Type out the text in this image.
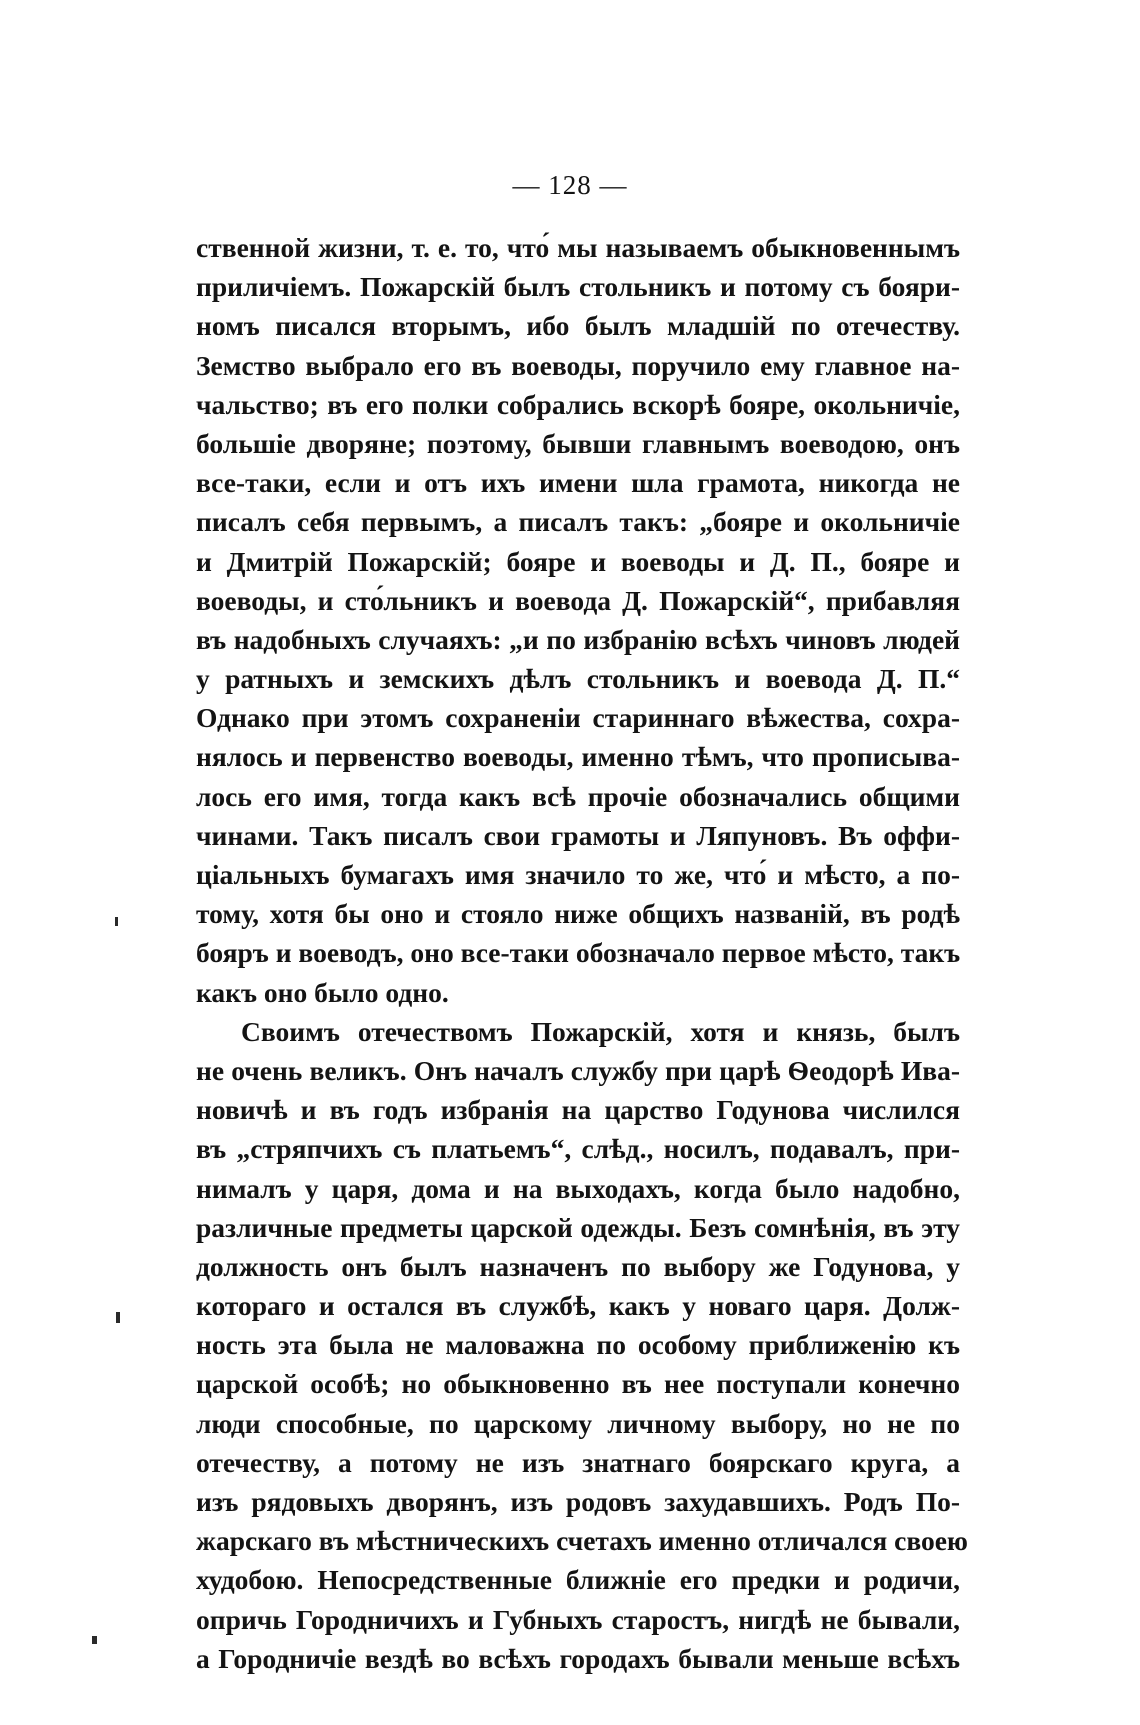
— 128 —
ственной жизни, т. е. то, что́ мы называемъ обыкновеннымъ
приличіемъ. Пожарскій былъ стольникъ и потому съ бояри-
номъ писался вторымъ, ибо былъ младшій по отечеству.
Земство выбрало его въ воеводы, поручило ему главное на-
чальство; въ его полки собрались вскорѣ бояре, окольничіе,
большіе дворяне; поэтому, бывши главнымъ воеводою, онъ
все-таки, если и отъ ихъ имени шла грамота, никогда не
писалъ себя первымъ, а писалъ такъ: „бояре и окольничіе
и Дмитрій Пожарскій; бояре и воеводы и Д. П., бояре и
воеводы, и сто́льникъ и воевода Д. Пожарскій“, прибавляя
въ надобныхъ случаяхъ: „и по избранію всѣхъ чиновъ людей
у ратныхъ и земскихъ дѣлъ стольникъ и воевода Д. П.“
Однако при этомъ сохраненіи стариннаго вѣжества, сохра-
нялось и первенство воеводы, именно тѣмъ, что прописыва-
лось его имя, тогда какъ всѣ прочіе обозначались общими
чинами. Такъ писалъ свои грамоты и Ляпуновъ. Въ оффи-
ціальныхъ бумагахъ имя значило то же, что́ и мѣсто, а по-
тому, хотя бы оно и стояло ниже общихъ названій, въ родѣ
бояръ и воеводъ, оно все-таки обозначало первое мѣсто, такъ
какъ оно было одно.
Своимъ отечествомъ Пожарскій, хотя и князь, былъ
не очень великъ. Онъ началъ службу при царѣ Ѳеодорѣ Ива-
новичѣ и въ годъ избранія на царство Годунова числился
въ „стряпчихъ съ платьемъ“, слѣд., носилъ, подавалъ, при-
нималъ у царя, дома и на выходахъ, когда было надобно,
различные предметы царской одежды. Безъ сомнѣнія, въ эту
должность онъ былъ назначенъ по выбору же Годунова, у
котораго и остался въ службѣ, какъ у новаго царя. Долж-
ность эта была не маловажна по особому приближенію къ
царской особѣ; но обыкновенно въ нее поступали конечно
люди способные, по царскому личному выбору, но не по
отечеству, а потому не изъ знатнаго боярскаго круга, а
изъ рядовыхъ дворянъ, изъ родовъ захудавшихъ. Родъ По-
жарскаго въ мѣстническихъ счетахъ именно отличался своею
худобою. Непосредственные ближніе его предки и родичи,
опричь Городничихъ и Губныхъ старостъ, нигдѣ не бывали,
а Городничіе вездѣ во всѣхъ городахъ бывали меньше всѣхъ
